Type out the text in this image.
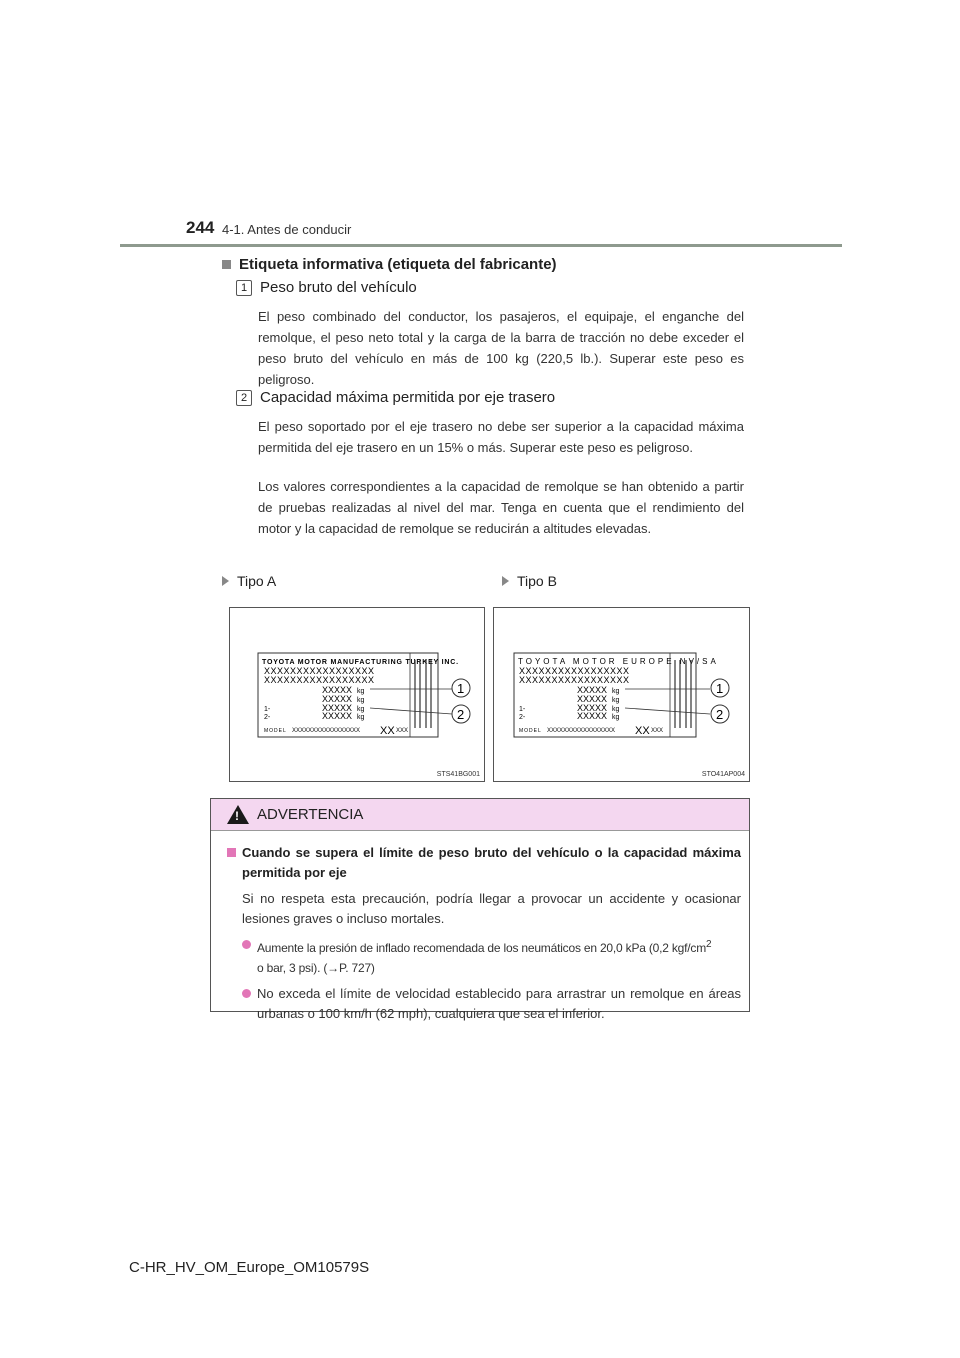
244 4-1. Antes de conducir
Etiqueta informativa (etiqueta del fabricante)
1 Peso bruto del vehículo
El peso combinado del conductor, los pasajeros, el equipaje, el enganche del remolque, el peso neto total y la carga de la barra de tracción no debe exceder el peso bruto del vehículo en más de 100 kg (220,5 lb.). Superar este peso es peligroso.
2 Capacidad máxima permitida por eje trasero
El peso soportado por el eje trasero no debe ser superior a la capacidad máxima permitida del eje trasero en un 15% o más. Superar este peso es peligroso.
Los valores correspondientes a la capacidad de remolque se han obtenido a partir de pruebas realizadas al nivel del mar. Tenga en cuenta que el rendimiento del motor y la capacidad de remolque se reducirán a altitudes elevadas.
Tipo A	Tipo B
TOYOTA MOTOR MANUFACTURING TURKEY INC.
XXXXXXXXXXXXXXXXX
XXXXXXXXXXXXXXXXX
XXXXX kg
XXXXX kg
1-	XXXXX kg
2-	XXXXX kg
MODEL XXXXXXXXXXXXXXXXX XX XXX
1
2
STS41BG001
TOYOTA MOTOR EUROPE NV/SA
XXXXXXXXXXXXXXXXX
XXXXXXXXXXXXXXXXX
XXXXX kg
XXXXX kg
1-	XXXXX kg
2-	XXXXX kg
MODEL XXXXXXXXXXXXXXXXX XX XXX
1
2
STO41AP004
! ADVERTENCIA
Cuando se supera el límite de peso bruto del vehículo o la capacidad máxima permitida por eje
Si no respeta esta precaución, podría llegar a provocar un accidente y ocasionar lesiones graves o incluso mortales.
Aumente la presión de inflado recomendada de los neumáticos en 20,0 kPa (0,2 kgf/$cm^2$
o bar, 3 psi). (→P. 727)
No exceda el límite de velocidad establecido para arrastrar un remolque en áreas urbanas o 100 km/h (62 mph), cualquiera que sea el inferior.
C-HR_HV_OM_Europe_OM10579S
